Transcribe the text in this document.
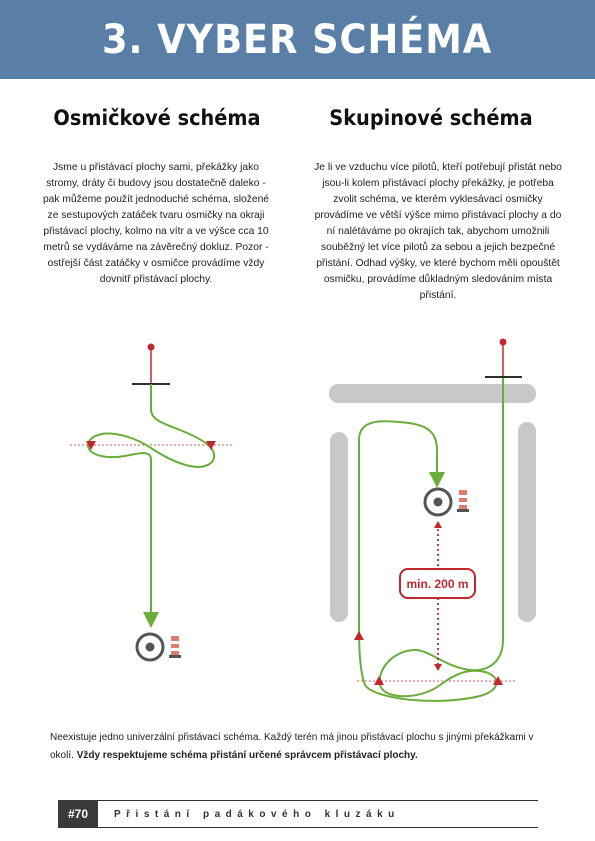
3. VYBER SCHÉMA
Osmičkové schéma	Skupinové schéma

Jsme u přistávací plochy sami, překážky jako stromy, dráty či budovy jsou dostatečně daleko - pak můžeme použít jednoduché schéma, složené ze sestupových zatáček tvaru osmičky na okraji přistávací plochy, kolmo na vítr a ve výšce cca 10 metrů se vydáváme na závěrečný dokluz. Pozor - ostřejší část zatáčky v osmičce provádíme vždy dovnitř přistávací plochy.

Je li ve vzduchu více pilotů, kteří potřebují přistát nebo jsou-li kolem přistávací plochy překážky, je potřeba zvolit schéma, ve kterém vyklesávací osmičky provádíme ve větší výšce mimo přistávací plochy a do ní nalétáváme po okrajích tak, abychom umožnili souběžný let více pilotů za sebou a jejich bezpečné přistání. Odhad výšky, ve které bychom měli opouštět osmičku, provádíme důkladným sledováním místa přistání.

min. 200 m

Neexistuje jedno univerzální přistávací schéma. Každý terén má jinou přistávací plochu s jinými překážkami v okolí. Vždy respektujeme schéma přistání určené správcem přistávací plochy.

#70	Přistání padákového kluzáku
